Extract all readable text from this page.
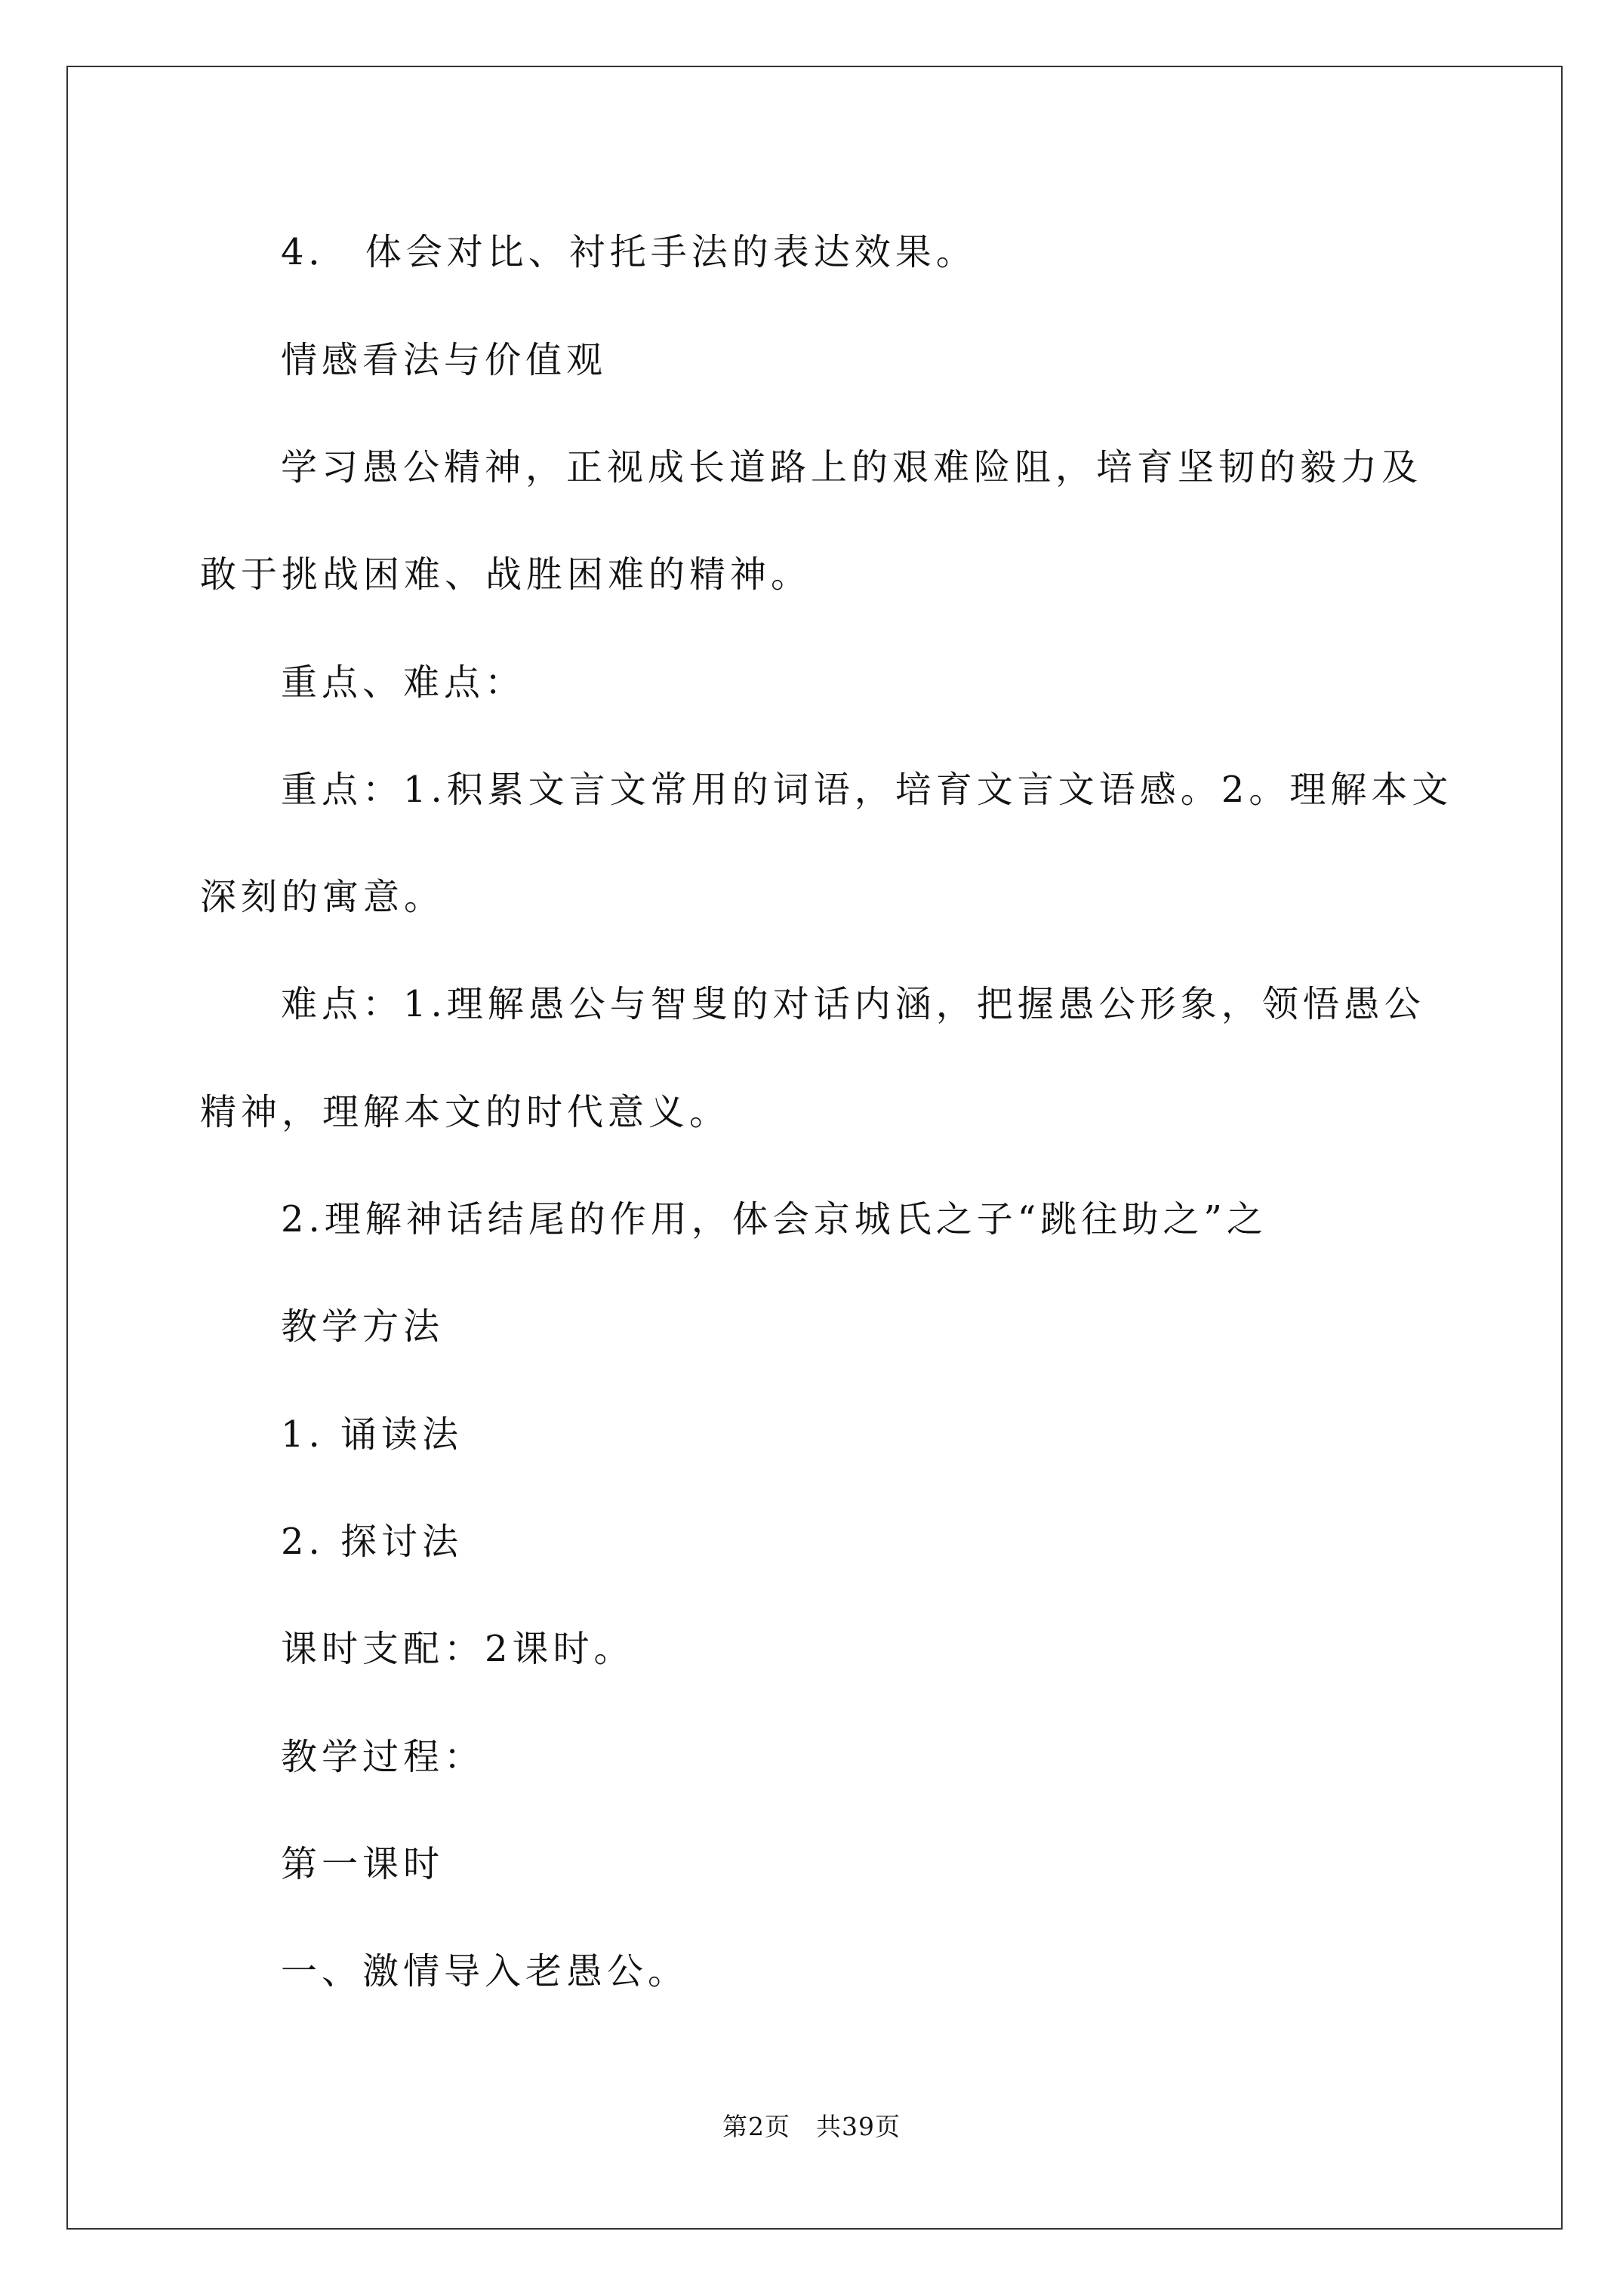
4． 体会对比、衬托手法的表达效果。
情感看法与价值观
学习愚公精神，正视成长道路上的艰难险阻，培育坚韧的毅力及
敢于挑战困难、战胜困难的精神。
重点、难点：
重点：1.积累文言文常用的词语，培育文言文语感。2。理解本文
深刻的寓意。
难点：1.理解愚公与智叟的对话内涵，把握愚公形象，领悟愚公
精神，理解本文的时代意义。
2.理解神话结尾的作用，体会京城氏之子“跳往助之”之
教学方法
1. 诵读法
2. 探讨法
课时支配：2课时。
教学过程：
第一课时
一、激情导入老愚公。
第2页 共39页
